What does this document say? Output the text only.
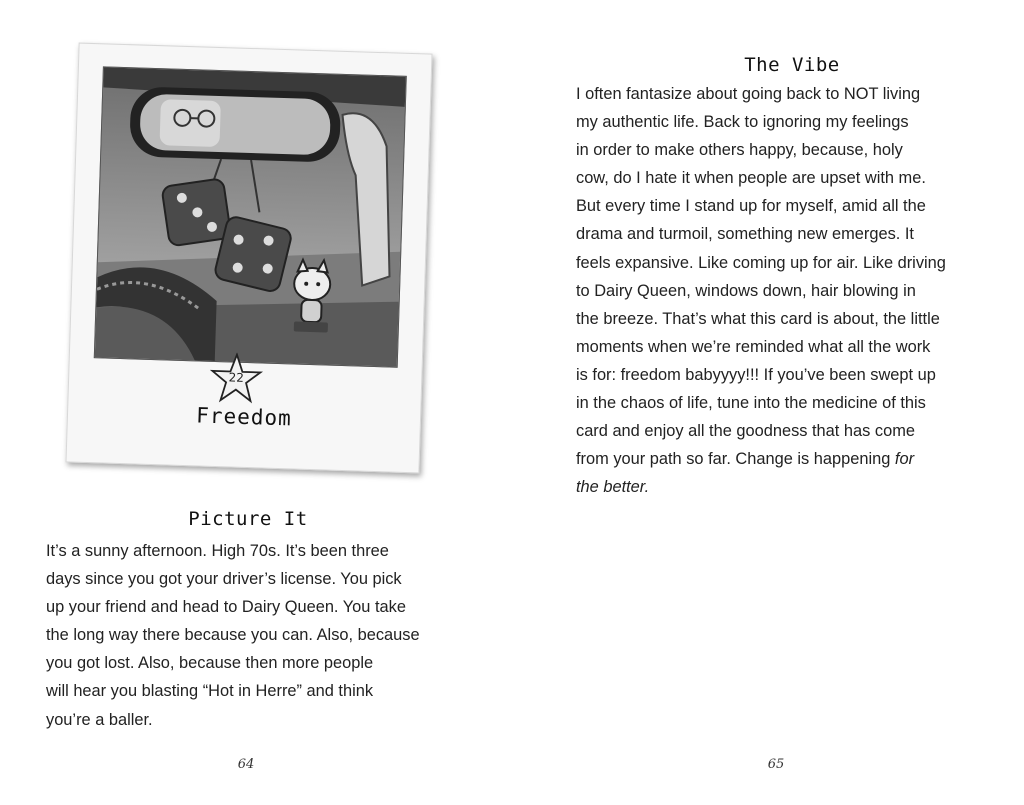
22
Freedom
Picture It

It’s a sunny afternoon. High 70s. It’s been three
days since you got your driver’s license. You pick
up your friend and head to Dairy Queen. You take
the long way there because you can. Also, because
you got lost. Also, because then more people
will hear you blasting “Hot in Herre” and think
you’re a baller.

64
The Vibe

I often fantasize about going back to NOT living
my authentic life. Back to ignoring my feelings
in order to make others happy, because, holy
cow, do I hate it when people are upset with me.
But every time I stand up for myself, amid all the
drama and turmoil, something new emerges. It
feels expansive. Like coming up for air. Like driving
to Dairy Queen, windows down, hair blowing in
the breeze. That’s what this card is about, the little
moments when we’re reminded what all the work
is for: freedom babyyyy!!! If you’ve been swept up
in the chaos of life, tune into the medicine of this
card and enjoy all the goodness that has come
from your path so far. Change is happening for
the better.

65
